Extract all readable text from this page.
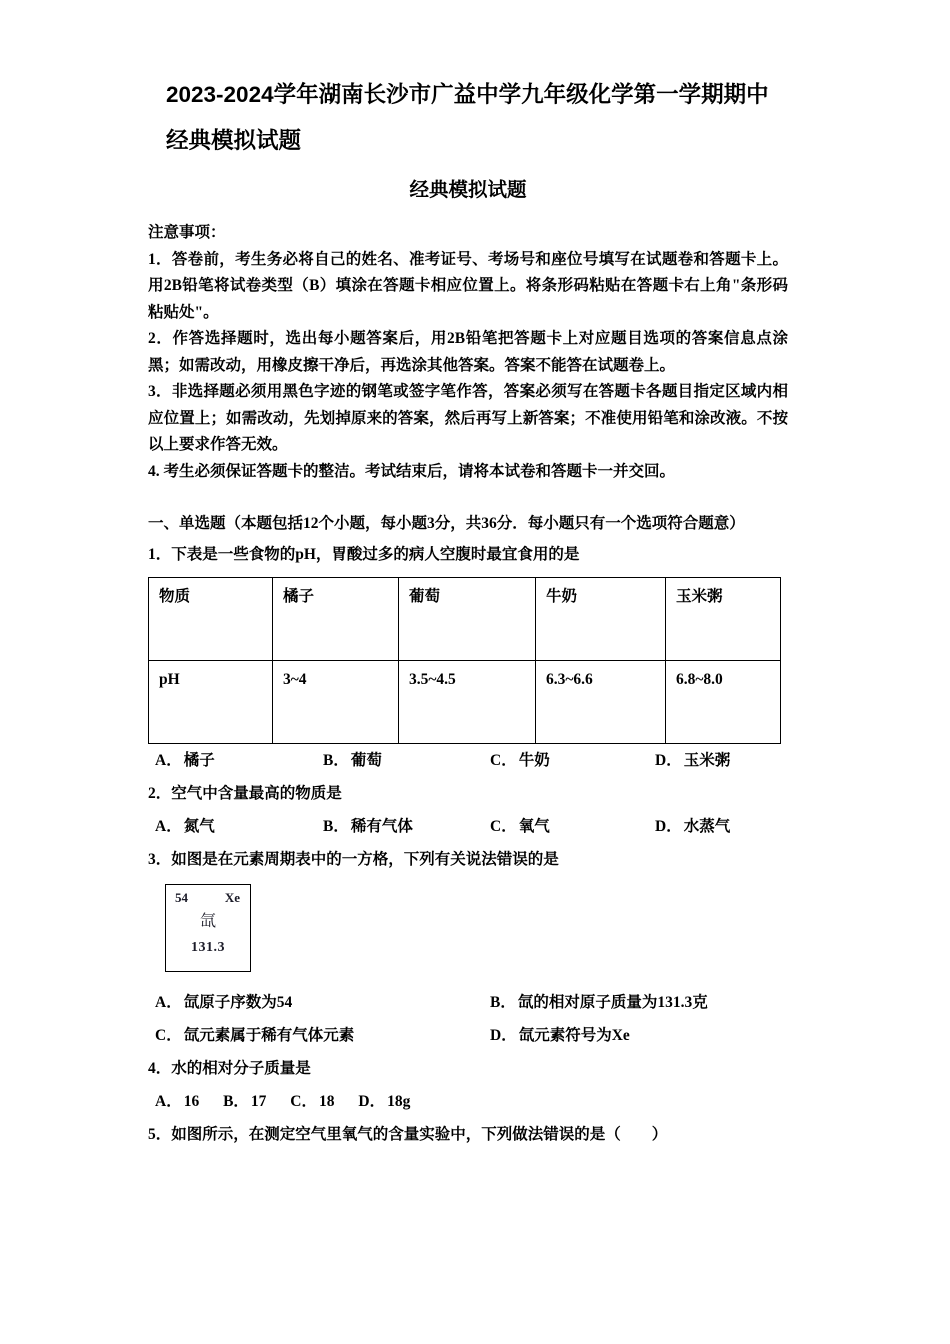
2023-2024学年湖南长沙市广益中学九年级化学第一学期期中
经典模拟试题
经典模拟试题

注意事项：

1．答卷前，考生务必将自己的姓名、准考证号、考场号和座位号填写在试题卷和答题卡上。用2B铅笔将试卷类型（B）填涂在答题卡相应位置上。将条形码粘贴在答题卡右上角"条形码粘贴处"。

2．作答选择题时，选出每小题答案后，用2B铅笔把答题卡上对应题目选项的答案信息点涂黑；如需改动，用橡皮擦干净后，再选涂其他答案。答案不能答在试题卷上。

3．非选择题必须用黑色字迹的钢笔或签字笔作答，答案必须写在答题卡各题目指定区域内相应位置上；如需改动，先划掉原来的答案，然后再写上新答案；不准使用铅笔和涂改液。不按以上要求作答无效。

4. 考生必须保证答题卡的整洁。考试结束后，请将本试卷和答题卡一并交回。

一、单选题（本题包括12个小题，每小题3分，共36分．每小题只有一个选项符合题意）

1．下表是一些食物的pH，胃酸过多的病人空腹时最宜食用的是

物质	橘子	葡萄	牛奶	玉米粥
pH	3~4	3.5~4.5	6.3~6.6	6.8~8.0
A． 橘子	B． 葡萄	C． 牛奶	D． 玉米粥

2．空气中含量最高的物质是

A． 氮气	B． 稀有气体	C． 氧气	D． 水蒸气

3．如图是在元素周期表中的一方格，下列有关说法错误的是

54	Xe
氙
131.3
A． 氙原子序数为54	B． 氙的相对原子质量为131.3克
C． 氙元素属于稀有气体元素	D． 氙元素符号为Xe

4．水的相对分子质量是

A． 16 B． 17 C． 18 D． 18g

5．如图所示，在测定空气里氧气的含量实验中，下列做法错误的是（　　）
